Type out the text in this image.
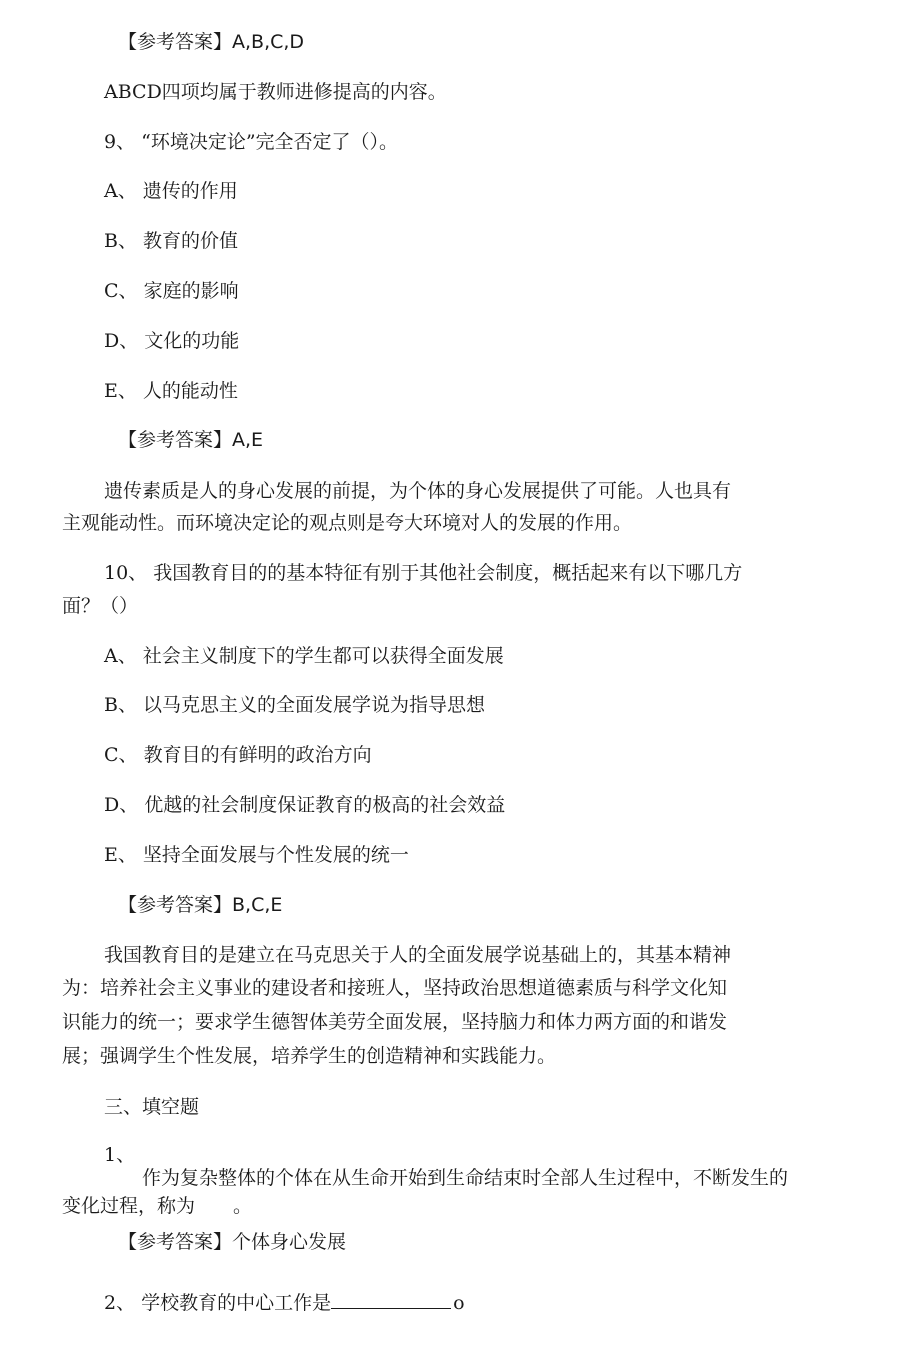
【参考答案】A,B,C,D
ABCD四项均属于教师进修提高的内容。
9、 “环境决定论”完全否定了（）。
A、 遗传的作用
B、 教育的价值
C、 家庭的影响
D、 文化的功能
E、 人的能动性
【参考答案】A,E
遗传素质是人的身心发展的前提，为个体的身心发展提供了可能。人也具有
主观能动性。而环境决定论的观点则是夸大环境对人的发展的作用。
10、 我国教育目的的基本特征有别于其他社会制度，概括起来有以下哪几方
面？（）
A、 社会主义制度下的学生都可以获得全面发展
B、 以马克思主义的全面发展学说为指导思想
C、 教育目的有鲜明的政治方向
D、 优越的社会制度保证教育的极高的社会效益
E、 坚持全面发展与个性发展的统一
【参考答案】B,C,E
我国教育目的是建立在马克思关于人的全面发展学说基础上的，其基本精神
为：培养社会主义事业的建设者和接班人，坚持政治思想道德素质与科学文化知
识能力的统一；要求学生德智体美劳全面发展，坚持脑力和体力两方面的和谐发
展；强调学生个性发展，培养学生的创造精神和实践能力。
三、填空题
1、
作为复杂整体的个体在从生命开始到生命结束时全部人生过程中，不断发生的
变化过程，称为　　。
【参考答案】个体身心发展
2、 学校教育的中心工作是	o
